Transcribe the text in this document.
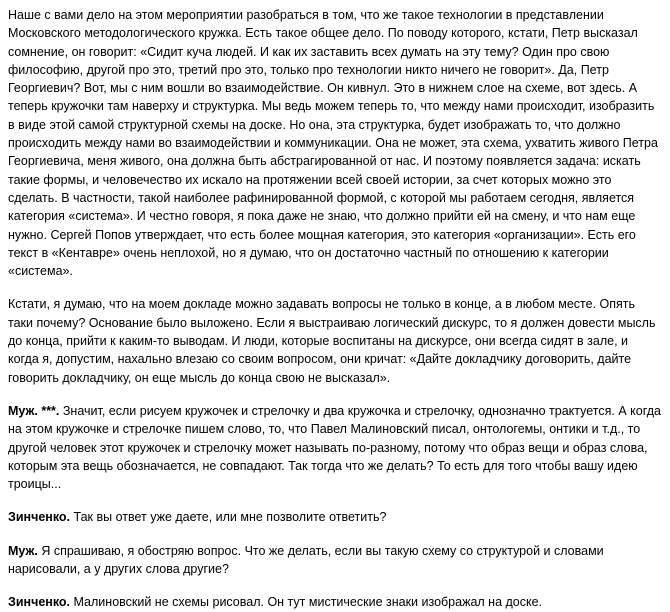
Наше с вами дело на этом мероприятии разобраться в том, что же такое технологии в представлении Московского методологического кружка. Есть такое общее дело. По поводу которого, кстати, Петр высказал сомнение, он говорит: «Сидит куча людей. И как их заставить всех думать на эту тему? Один про свою философию, другой про это, третий про это, только про технологии никто ничего не говорит». Да, Петр Георгиевич? Вот, мы с ним вошли во взаимодействие. Он кивнул. Это в нижнем слое на схеме, вот здесь. А теперь кружочки там наверху и структурка. Мы ведь можем теперь то, что между нами происходит, изобразить в виде этой самой структурной схемы на доске. Но она, эта структурка, будет изображать то, что должно происходить между нами во взаимодействии и коммуникации. Она не может, эта схема, ухватить живого Петра Георгиевича, меня живого, она должна быть абстрагированной от нас. И поэтому появляется задача: искать такие формы, и человечество их искало на протяжении всей своей истории, за счет которых можно это сделать. В частности, такой наиболее рафинированной формой, с которой мы работаем сегодня, является категория «система». И честно говоря, я пока даже не знаю, что должно прийти ей на смену, и что нам еще нужно. Сергей Попов утверждает, что есть более мощная категория, это категория «организации». Есть его текст в «Кентавре» очень неплохой, но я думаю, что он достаточно частный по отношению к категории «система».

Кстати, я думаю, что на моем докладе можно задавать вопросы не только в конце, а в любом месте. Опять таки почему? Основание было выложено. Если я выстраиваю логический дискурс, то я должен довести мысль до конца, прийти к каким-то выводам. И люди, которые воспитаны на дискурсе, они всегда сидят в зале, и когда я, допустим, нахально влезаю со своим вопросом, они кричат: «Дайте докладчику договорить, дайте говорить докладчику, он еще мысль до конца свою не высказал».

Муж. ***. Значит, если рисуем кружочек и стрелочку и два кружочка и стрелочку, однозначно трактуется. А когда на этом кружочке и стрелочке пишем слово, то, что Павел Малиновский писал, онтологемы, онтики и т.д., то другой человек этот кружочек и стрелочку может называть по-разному, потому что образ вещи и образ слова, которым эта вещь обозначается, не совпадают. Так тогда что же делать? То есть для того чтобы вашу идею троицы...

Зинченко. Так вы ответ уже даете, или мне позволите ответить?

Муж. Я спрашиваю, я обостряю вопрос. Что же делать, если вы такую схему со структурой и словами нарисовали, а у других слова другие?

Зинченко. Малиновский не схемы рисовал. Он тут мистические знаки изображал на доске.
